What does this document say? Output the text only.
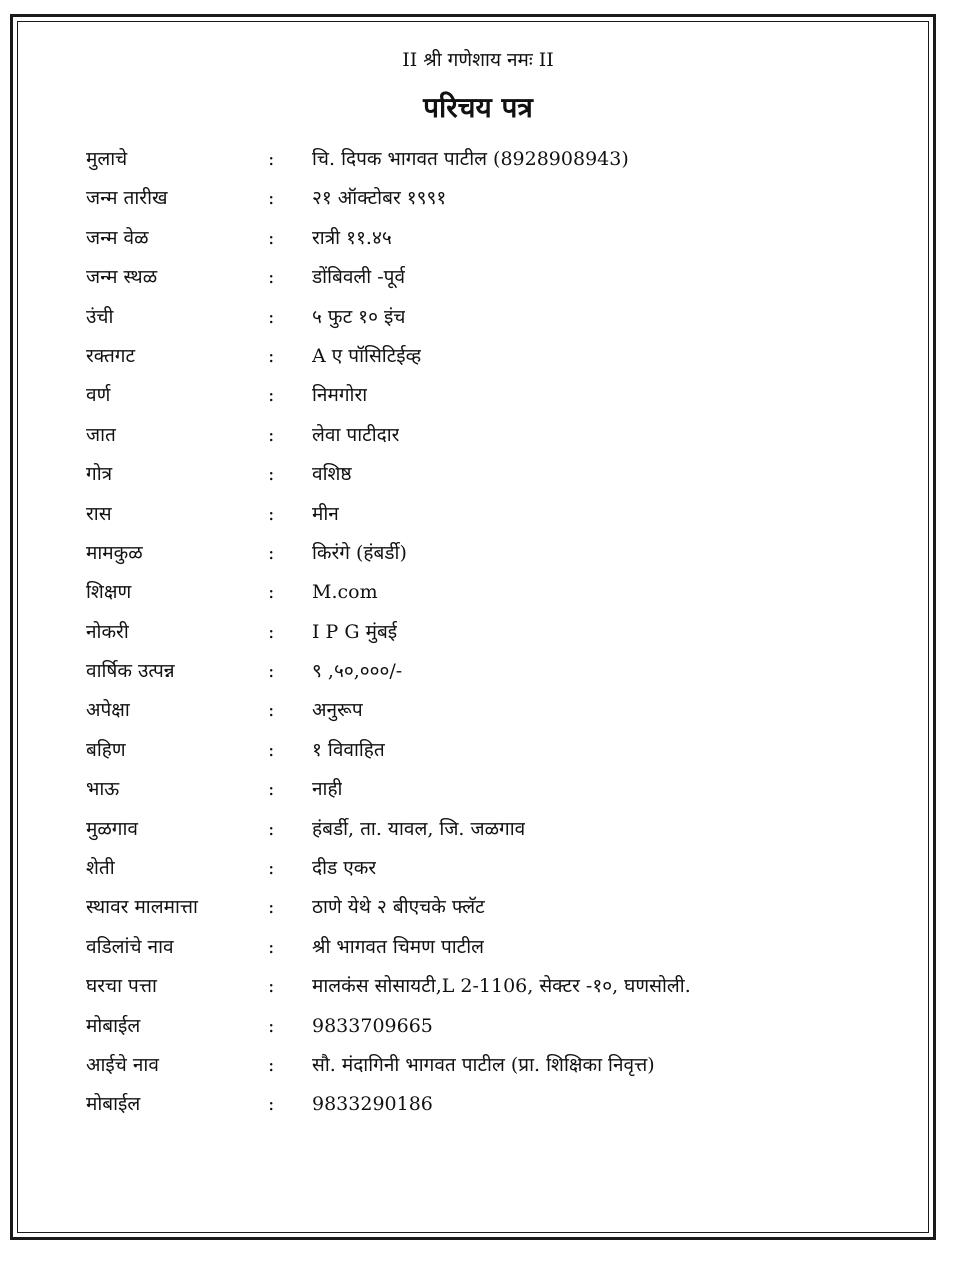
II श्री गणेशाय नमः II
परिचय पत्र
मुलाचे	: चि. दिपक भागवत पाटील (8928908943)
जन्म तारीख	: २१ ऑक्टोबर १९९१
जन्म वेळ	: रात्री ११.४५
जन्म स्थळ	: डोंबिवली -पूर्व
उंची	: ५ फुट १० इंच
रक्तगट	: A ए पॉसिटिईव्ह
वर्ण	: निमगोरा
जात	: लेवा पाटीदार
गोत्र	: वशिष्ठ
रास	: मीन
मामकुळ	: किरंगे (हंबर्डी)
शिक्षण	: M.com
नोकरी	: I P G मुंबई
वार्षिक उत्पन्न	: ९ ,५०,०००/-
अपेक्षा	: अनुरूप
बहिण	: १ विवाहित
भाऊ	: नाही
मुळगाव	: हंबर्डी, ता. यावल, जि. जळगाव
शेती	: दीड एकर
स्थावर मालमात्ता	: ठाणे येथे २ बीएचके फ्लॅट
वडिलांचे नाव	: श्री भागवत चिमण पाटील
घरचा पत्ता	: मालकंस सोसायटी,L 2-1106, सेक्टर -१०, घणसोली.
मोबाईल	: 9833709665
आईचे नाव	: सौ. मंदागिनी भागवत पाटील (प्रा. शिक्षिका निवृत्त)
मोबाईल	: 9833290186
